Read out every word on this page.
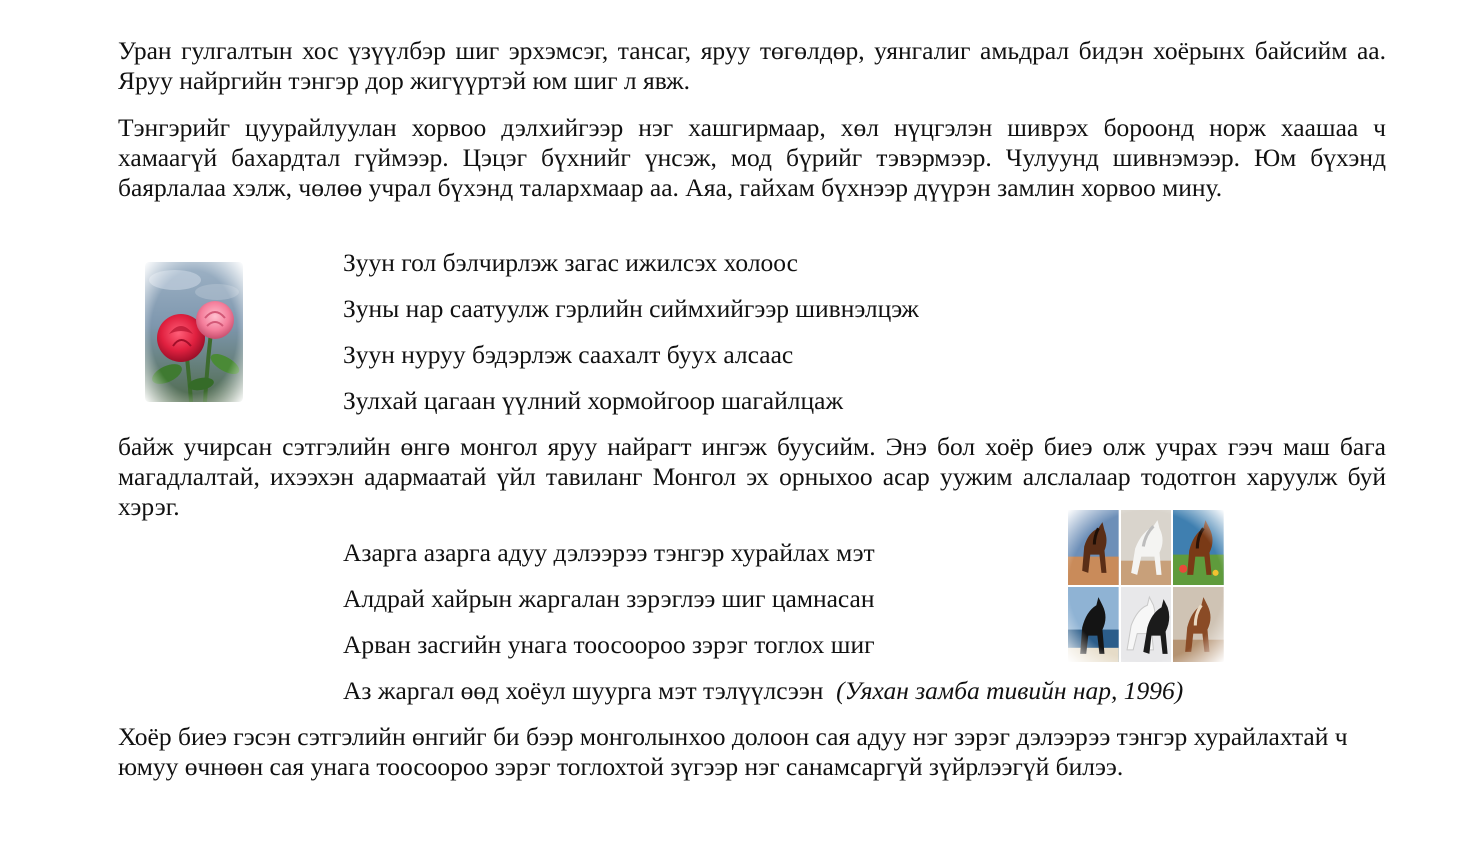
Уран гулгалтын хос үзүүлбэр шиг эрхэмсэг, тансаг, яруу төгөлдөр, уянгалиг амьдрал бидэн хоёрынх байсийм аа. Яруу найргийн тэнгэр дор жигүүртэй юм шиг л явж.

Тэнгэрийг цуурайлуулан хорвоо дэлхийгээр нэг хашгирмаар, хөл нүцгэлэн шиврэх бороонд норж хаашаа ч хамаагүй бахардтал гүймээр. Цэцэг бүхнийг үнсэж, мод бүрийг тэвэрмээр. Чулуунд шивнэмээр. Юм бүхэнд баярлалаа хэлж, чөлөө учрал бүхэнд талархмаар аа. Аяа, гайхам бүхнээр дүүрэн замлин хорвоо мину.

Зуун гол бэлчирлэж загас ижилсэх холоос

Зуны нар саатуулж гэрлийн сиймхийгээр шивнэлцэж

Зуун нуруу бэдэрлэж саахалт буух алсаас

Зулхай цагаан үүлний хормойгоор шагайлцаж

байж учирсан сэтгэлийн өнгө монгол яруу найрагт ингэж буусийм. Энэ бол хоёр биеэ олж учрах гээч маш бага магадлалтай, ихээхэн адармаатай үйл тавиланг Монгол эх орныхоо асар уужим алслалаар тодотгон харуулж буй хэрэг.

Азарга азарга адуу дэлээрээ тэнгэр хурайлах мэт

Алдрай хайрын жаргалан зэрэглээ шиг цамнасан

Арван засгийн унага тоосоороо зэрэг тоглох шиг

Аз жаргал өөд хоёул шуурга мэт тэлүүлсээн (Уяхан замба тивийн нар, 1996)

Хоёр биеэ гэсэн сэтгэлийн өнгийг би бээр монголынхоо долоон сая адуу нэг зэрэг дэлээрээ тэнгэр хурайлахтай ч юмуу өчнөөн сая унага тоосоороо зэрэг тоглохтой зүгээр нэг санамсаргүй зүйрлээгүй билээ.
